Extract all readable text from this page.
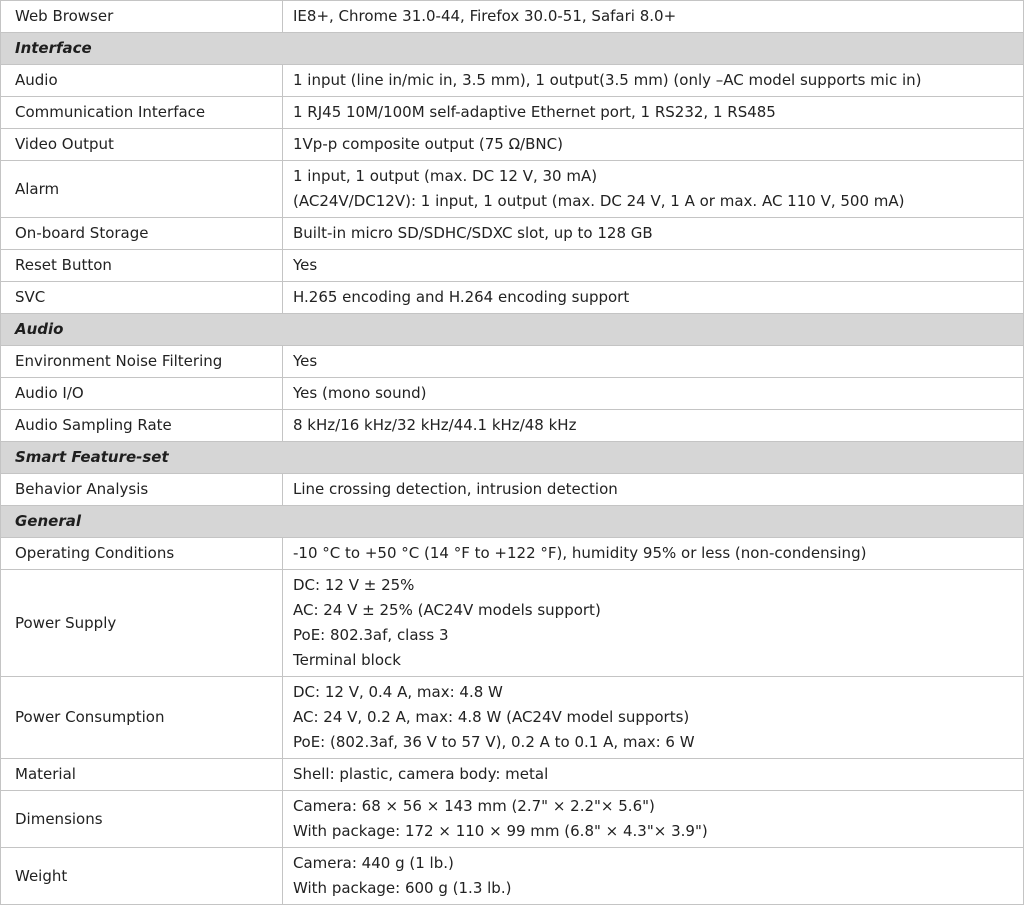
Web Browser	IE8+, Chrome 31.0-44, Firefox 30.0-51, Safari 8.0+

Interface	
Audio	1 input (line in/mic in, 3.5 mm), 1 output(3.5 mm) (only –AC model supports mic in)

Communication Interface	1 RJ45 10M/100M self-adaptive Ethernet port, 1 RS232, 1 RS485

Video Output	1Vp-p composite output (75 Ω/BNC)

Alarm	1 input, 1 output (max. DC 12 V, 30 mA)
(AC24V/DC12V): 1 input, 1 output (max. DC 24 V, 1 A or max. AC 110 V, 500 mA)

On-board Storage	Built-in micro SD/SDHC/SDXC slot, up to 128 GB

Reset Button	Yes

SVC	H.265 encoding and H.264 encoding support

Audio	
Environment Noise Filtering	Yes

Audio I/O	Yes (mono sound)

Audio Sampling Rate	8 kHz/16 kHz/32 kHz/44.1 kHz/48 kHz

Smart Feature-set	
Behavior Analysis	Line crossing detection, intrusion detection

General	
Operating Conditions	-10 °C to +50 °C (14 °F to +122 °F), humidity 95% or less (non-condensing)

Power Supply	DC: 12 V ± 25%
AC: 24 V ± 25% (AC24V models support)
PoE: 802.3af, class 3
Terminal block

Power Consumption	DC: 12 V, 0.4 A, max: 4.8 W
AC: 24 V, 0.2 A, max: 4.8 W (AC24V model supports)
PoE: (802.3af, 36 V to 57 V), 0.2 A to 0.1 A, max: 6 W

Material	Shell: plastic, camera body: metal

Dimensions	Camera: 68 × 56 × 143 mm (2.7" × 2.2"× 5.6")
With package: 172 × 110 × 99 mm (6.8" × 4.3"× 3.9")

Weight	Camera: 440 g (1 lb.)
With package: 600 g (1.3 lb.)
